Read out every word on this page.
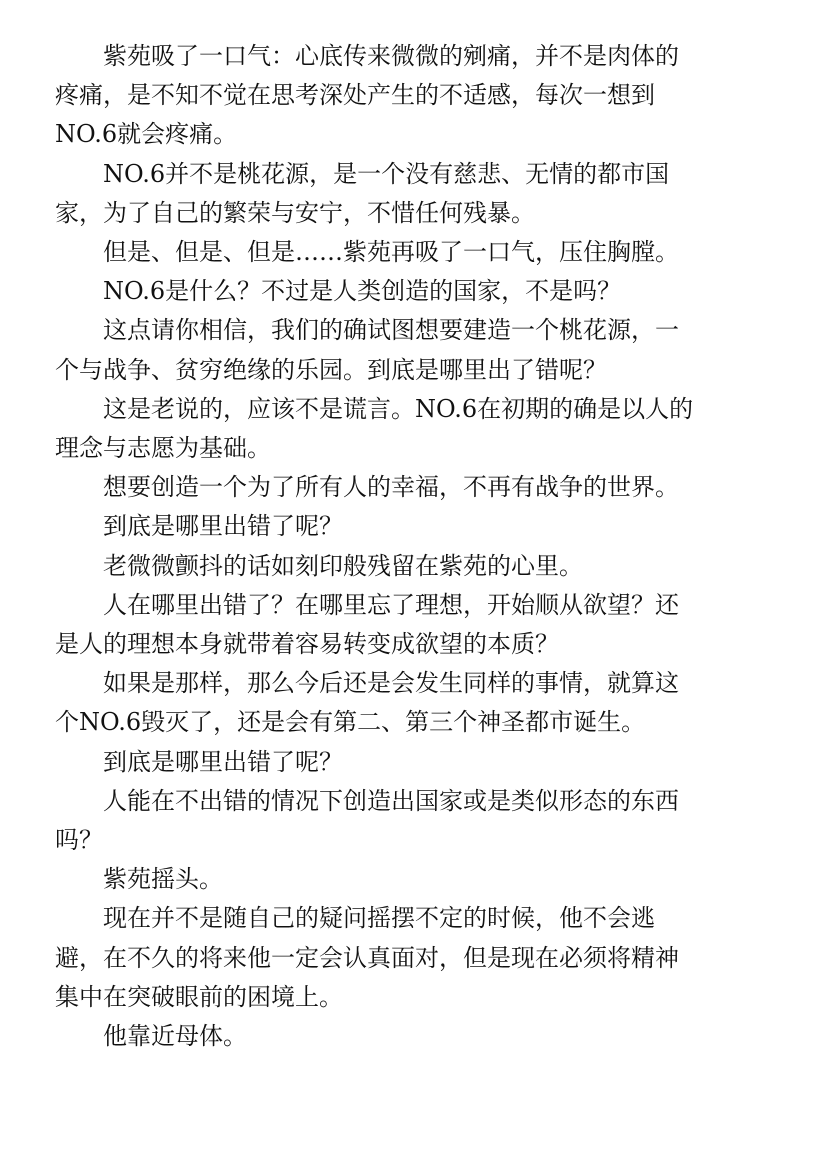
紫苑吸了一口气：心底传来微微的剜痛，并不是肉体的
疼痛，是不知不觉在思考深处产生的不适感，每次一想到
NO.6就会疼痛。

NO.6并不是桃花源，是一个没有慈悲、无情的都市国
家，为了自己的繁荣与安宁，不惜任何残暴。

但是、但是、但是……紫苑再吸了一口气，压住胸膛。

NO.6是什么？不过是人类创造的国家，不是吗？

这点请你相信，我们的确试图想要建造一个桃花源，一
个与战争、贫穷绝缘的乐园。到底是哪里出了错呢？

这是老说的，应该不是谎言。NO.6在初期的确是以人的
理念与志愿为基础。

想要创造一个为了所有人的幸福，不再有战争的世界。

到底是哪里出错了呢？

老微微颤抖的话如刻印般残留在紫苑的心里。

人在哪里出错了？在哪里忘了理想，开始顺从欲望？还
是人的理想本身就带着容易转变成欲望的本质？

如果是那样，那么今后还是会发生同样的事情，就算这
个NO.6毁灭了，还是会有第二、第三个神圣都市诞生。

到底是哪里出错了呢？

人能在不出错的情况下创造出国家或是类似形态的东西
吗？

紫苑摇头。

现在并不是随自己的疑问摇摆不定的时候，他不会逃
避，在不久的将来他一定会认真面对，但是现在必须将精神
集中在突破眼前的困境上。

他靠近母体。
